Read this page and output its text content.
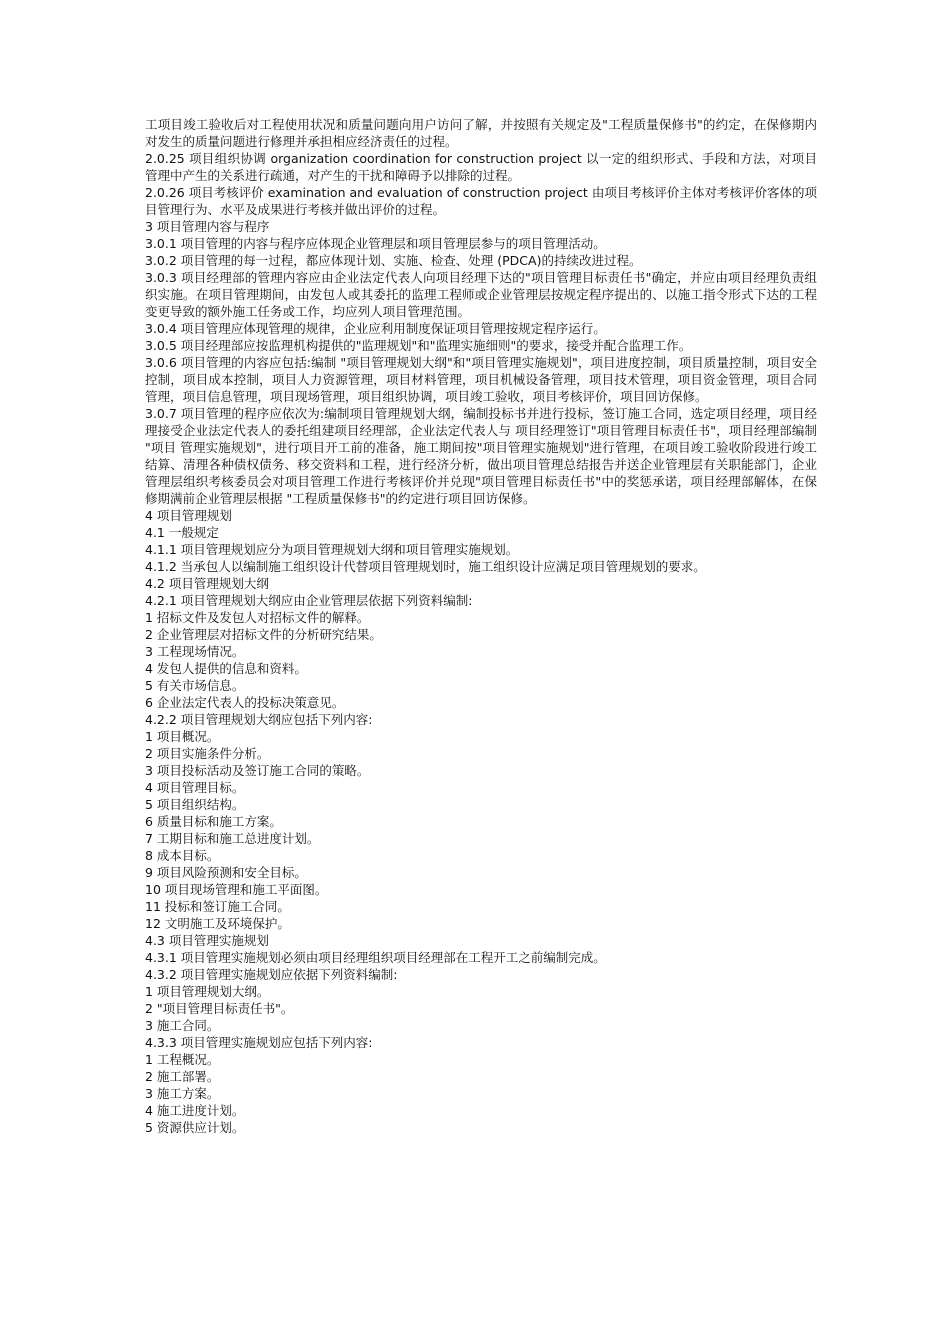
工项目竣工验收后对工程使用状况和质量问题向用户访问了解，并按照有关规定及"工程质量保修书"的约定，在保修期内对发生的质量问题进行修理并承担相应经济责任的过程。
2.0.25 项目组织协调 organization coordination for construction project 以一定的组织形式、手段和方法，对项目管理中产生的关系进行疏通，对产生的干扰和障碍予以排除的过程。
2.0.26 项目考核评价 examination and evaluation of construction project 由项目考核评价主体对考核评价客体的项目管理行为、水平及成果进行考核并做出评价的过程。
3 项目管理内容与程序
3.0.1 项目管理的内容与程序应体现企业管理层和项目管理层参与的项目管理活动。
3.0.2 项目管理的每一过程，都应体现计划、实施、检查、处理 (PDCA)的持续改进过程。
3.0.3 项目经理部的管理内容应由企业法定代表人向项目经理下达的"项目管理目标责任书"确定，并应由项目经理负责组织实施。在项目管理期间，由发包人或其委托的监理工程师或企业管理层按规定程序提出的、以施工指令形式下达的工程变更导致的额外施工任务或工作，均应列人项目管理范围。
3.0.4 项目管理应体现管理的规律，企业应利用制度保证项目管理按规定程序运行。
3.0.5 项目经理部应按监理机构提供的"监理规划"和"监理实施细则"的要求，接受并配合监理工作。
3.0.6 项目管理的内容应包括:编制 "项目管理规划大纲"和"项目管理实施规划"，项目进度控制，项目质量控制，项目安全控制，项目成本控制，项目人力资源管理，项目材料管理，项目机械设备管理，项目技术管理，项目资金管理，项目合同管理，项目信息管理，项目现场管理，项目组织协调，项目竣工验收，项目考核评价，项目回访保修。
3.0.7 项目管理的程序应依次为:编制项目管理规划大纲，编制投标书并进行投标，签订施工合同，选定项目经理，项目经理接受企业法定代表人的委托组建项目经理部，企业法定代表人与 项目经理签订"项目管理目标责任书"，项目经理部编制 "项目 管理实施规划"，进行项目开工前的准备，施工期间按"项目管理实施规划"进行管理，在项目竣工验收阶段进行竣工结算、清理各种债权债务、移交资料和工程，进行经济分析，做出项目管理总结报告并送企业管理层有关职能部门，企业管理层组织考核委员会对项目管理工作进行考核评价并兑现"项目管理目标责任书"中的奖惩承诺，项目经理部解体，在保修期满前企业管理层根据 "工程质量保修书"的约定进行项目回访保修。
4 项目管理规划
4.1 一般规定
4.1.1 项目管理规划应分为项目管理规划大纲和项目管理实施规划。
4.1.2 当承包人以编制施工组织设计代替项目管理规划时，施工组织设计应满足项目管理规划的要求。
4.2 项目管理规划大纲
4.2.1 项目管理规划大纲应由企业管理层依据下列资料编制:
1 招标文件及发包人对招标文件的解释。
2 企业管理层对招标文件的分析研究结果。
3 工程现场情况。
4 发包人提供的信息和资料。
5 有关市场信息。
6 企业法定代表人的投标决策意见。
4.2.2 项目管理规划大纲应包括下列内容:
1 项目概况。
2 项目实施条件分析。
3 项目投标活动及签订施工合同的策略。
4 项目管理目标。
5 项目组织结构。
6 质量目标和施工方案。
7 工期目标和施工总进度计划。
8 成本目标。
9 项目风险预测和安全目标。
10 项目现场管理和施工平面图。
11 投标和签订施工合同。
12 文明施工及环境保护。
4.3 项目管理实施规划
4.3.1 项目管理实施规划必须由项目经理组织项目经理部在工程开工之前编制完成。
4.3.2 项目管理实施规划应依据下列资料编制:
1 项目管理规划大纲。
2 "项目管理目标责任书"。
3 施工合同。
4.3.3 项目管理实施规划应包括下列内容:
1 工程概况。
2 施工部署。
3 施工方案。
4 施工进度计划。
5 资源供应计划。
